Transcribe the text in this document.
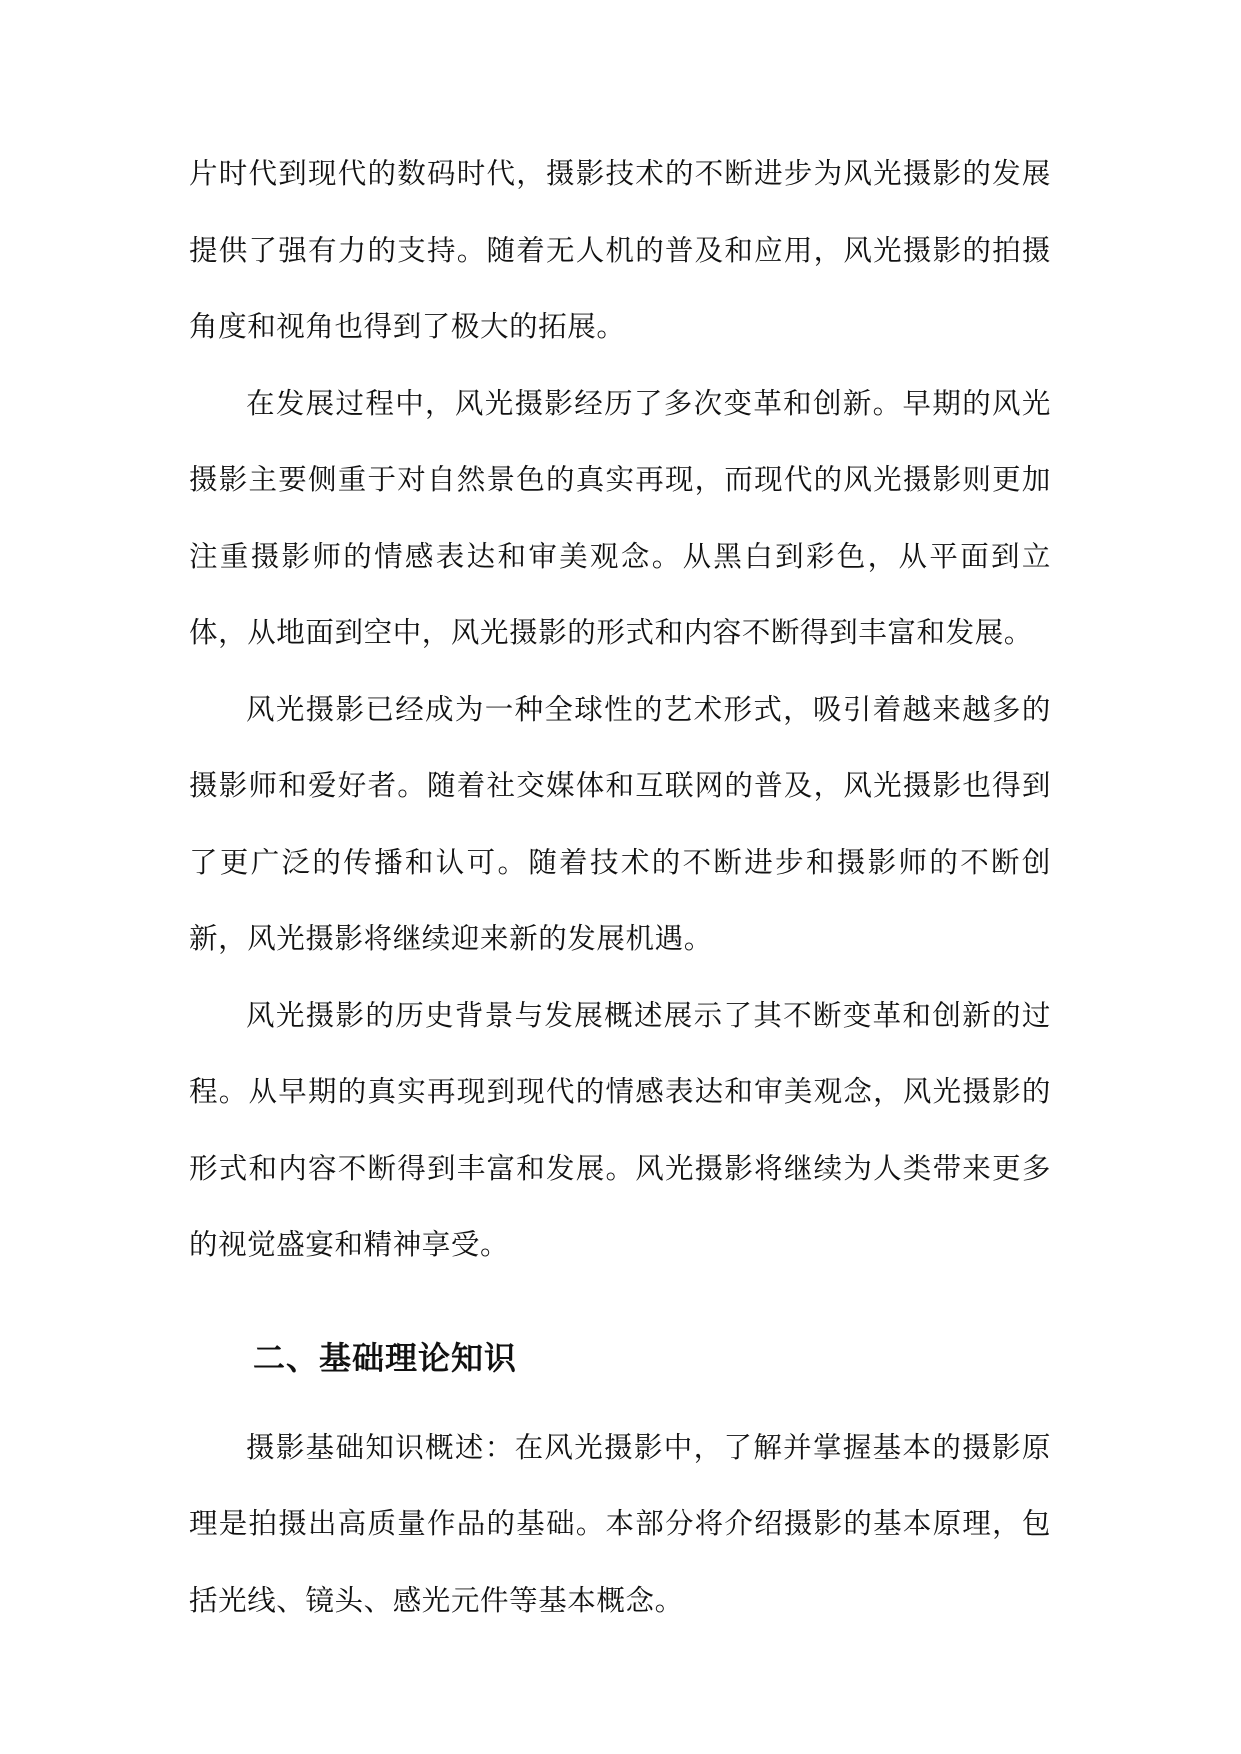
片时代到现代的数码时代，摄影技术的不断进步为风光摄影的发展提供了强有力的支持。随着无人机的普及和应用，风光摄影的拍摄角度和视角也得到了极大的拓展。

在发展过程中，风光摄影经历了多次变革和创新。早期的风光摄影主要侧重于对自然景色的真实再现，而现代的风光摄影则更加注重摄影师的情感表达和审美观念。从黑白到彩色，从平面到立体，从地面到空中，风光摄影的形式和内容不断得到丰富和发展。

风光摄影已经成为一种全球性的艺术形式，吸引着越来越多的摄影师和爱好者。随着社交媒体和互联网的普及，风光摄影也得到了更广泛的传播和认可。随着技术的不断进步和摄影师的不断创新，风光摄影将继续迎来新的发展机遇。

风光摄影的历史背景与发展概述展示了其不断变革和创新的过程。从早期的真实再现到现代的情感表达和审美观念，风光摄影的形式和内容不断得到丰富和发展。风光摄影将继续为人类带来更多的视觉盛宴和精神享受。

二、基础理论知识

摄影基础知识概述：在风光摄影中，了解并掌握基本的摄影原理是拍摄出高质量作品的基础。本部分将介绍摄影的基本原理，包括光线、镜头、感光元件等基本概念。
